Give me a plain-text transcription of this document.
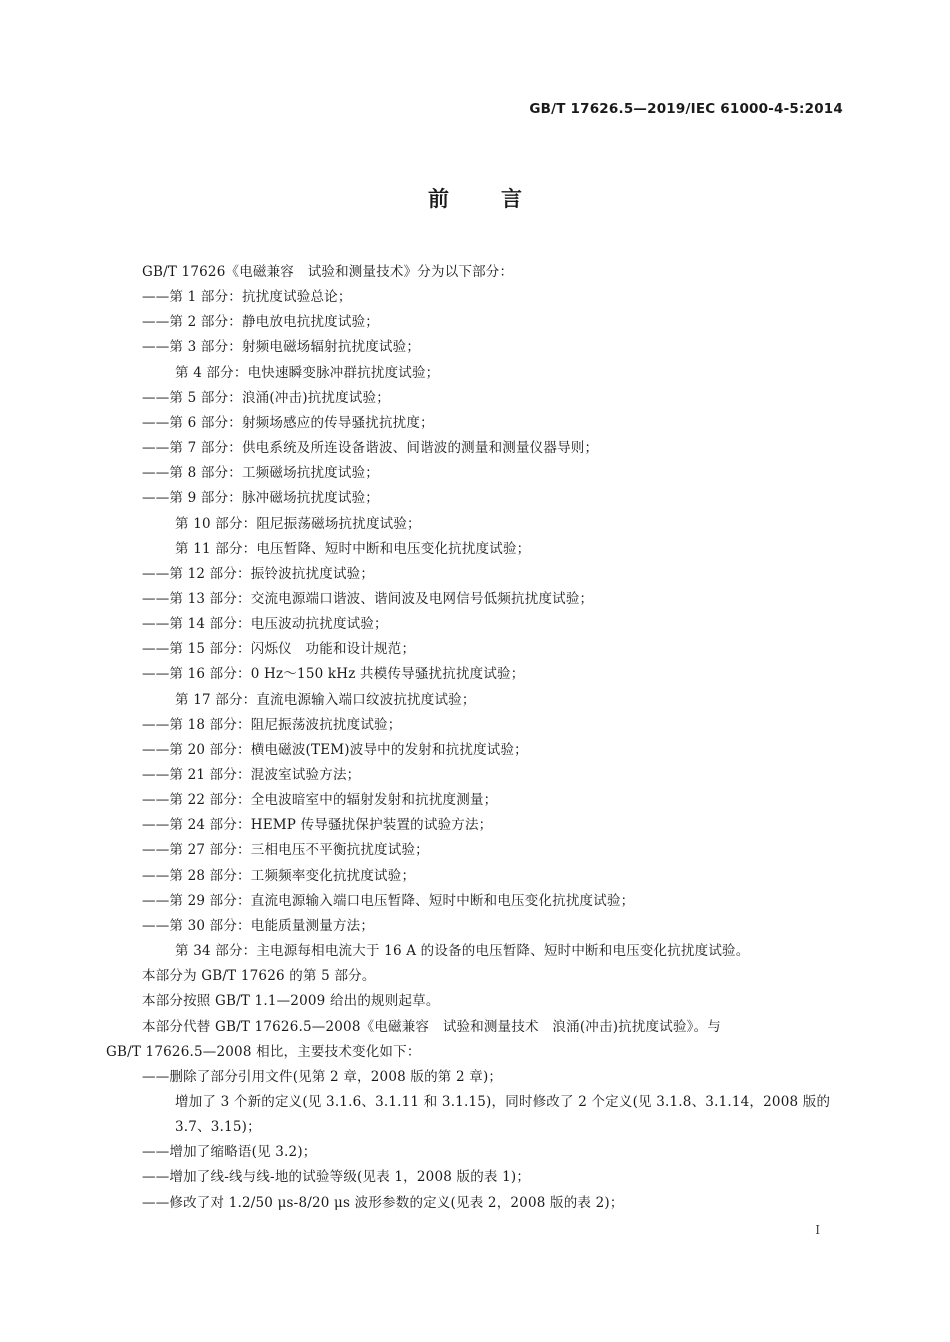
GB/T 17626.5—2019/IEC 61000-4-5:2014
前言
GB/T 17626《电磁兼容　试验和测量技术》分为以下部分：
——第 1 部分：抗扰度试验总论；
——第 2 部分：静电放电抗扰度试验；
——第 3 部分：射频电磁场辐射抗扰度试验；
第 4 部分：电快速瞬变脉冲群抗扰度试验；
——第 5 部分：浪涌(冲击)抗扰度试验；
——第 6 部分：射频场感应的传导骚扰抗扰度；
——第 7 部分：供电系统及所连设备谐波、间谐波的测量和测量仪器导则；
——第 8 部分：工频磁场抗扰度试验；
——第 9 部分：脉冲磁场抗扰度试验；
第 10 部分：阻尼振荡磁场抗扰度试验；
第 11 部分：电压暂降、短时中断和电压变化抗扰度试验；
——第 12 部分：振铃波抗扰度试验；
——第 13 部分：交流电源端口谐波、谐间波及电网信号低频抗扰度试验；
——第 14 部分：电压波动抗扰度试验；
——第 15 部分：闪烁仪　功能和设计规范；
——第 16 部分：0 Hz～150 kHz 共模传导骚扰抗扰度试验；
第 17 部分：直流电源输入端口纹波抗扰度试验；
——第 18 部分：阻尼振荡波抗扰度试验；
——第 20 部分：横电磁波(TEM)波导中的发射和抗扰度试验；
——第 21 部分：混波室试验方法；
——第 22 部分：全电波暗室中的辐射发射和抗扰度测量；
——第 24 部分：HEMP 传导骚扰保护装置的试验方法；
——第 27 部分：三相电压不平衡抗扰度试验；
——第 28 部分：工频频率变化抗扰度试验；
——第 29 部分：直流电源输入端口电压暂降、短时中断和电压变化抗扰度试验；
——第 30 部分：电能质量测量方法；
第 34 部分：主电源每相电流大于 16 A 的设备的电压暂降、短时中断和电压变化抗扰度试验。
本部分为 GB/T 17626 的第 5 部分。
本部分按照 GB/T 1.1—2009 给出的规则起草。
本部分代替 GB/T 17626.5—2008《电磁兼容　试验和测量技术　浪涌(冲击)抗扰度试验》。与
GB/T 17626.5—2008 相比，主要技术变化如下：
——删除了部分引用文件(见第 2 章，2008 版的第 2 章)；
增加了 3 个新的定义(见 3.1.6、3.1.11 和 3.1.15)，同时修改了 2 个定义(见 3.1.8、3.1.14，2008 版的
3.7、3.15)；
——增加了缩略语(见 3.2)；
——增加了线-线与线-地的试验等级(见表 1，2008 版的表 1)；
——修改了对 1.2/50 μs-8/20 μs 波形参数的定义(见表 2，2008 版的表 2)；
I
